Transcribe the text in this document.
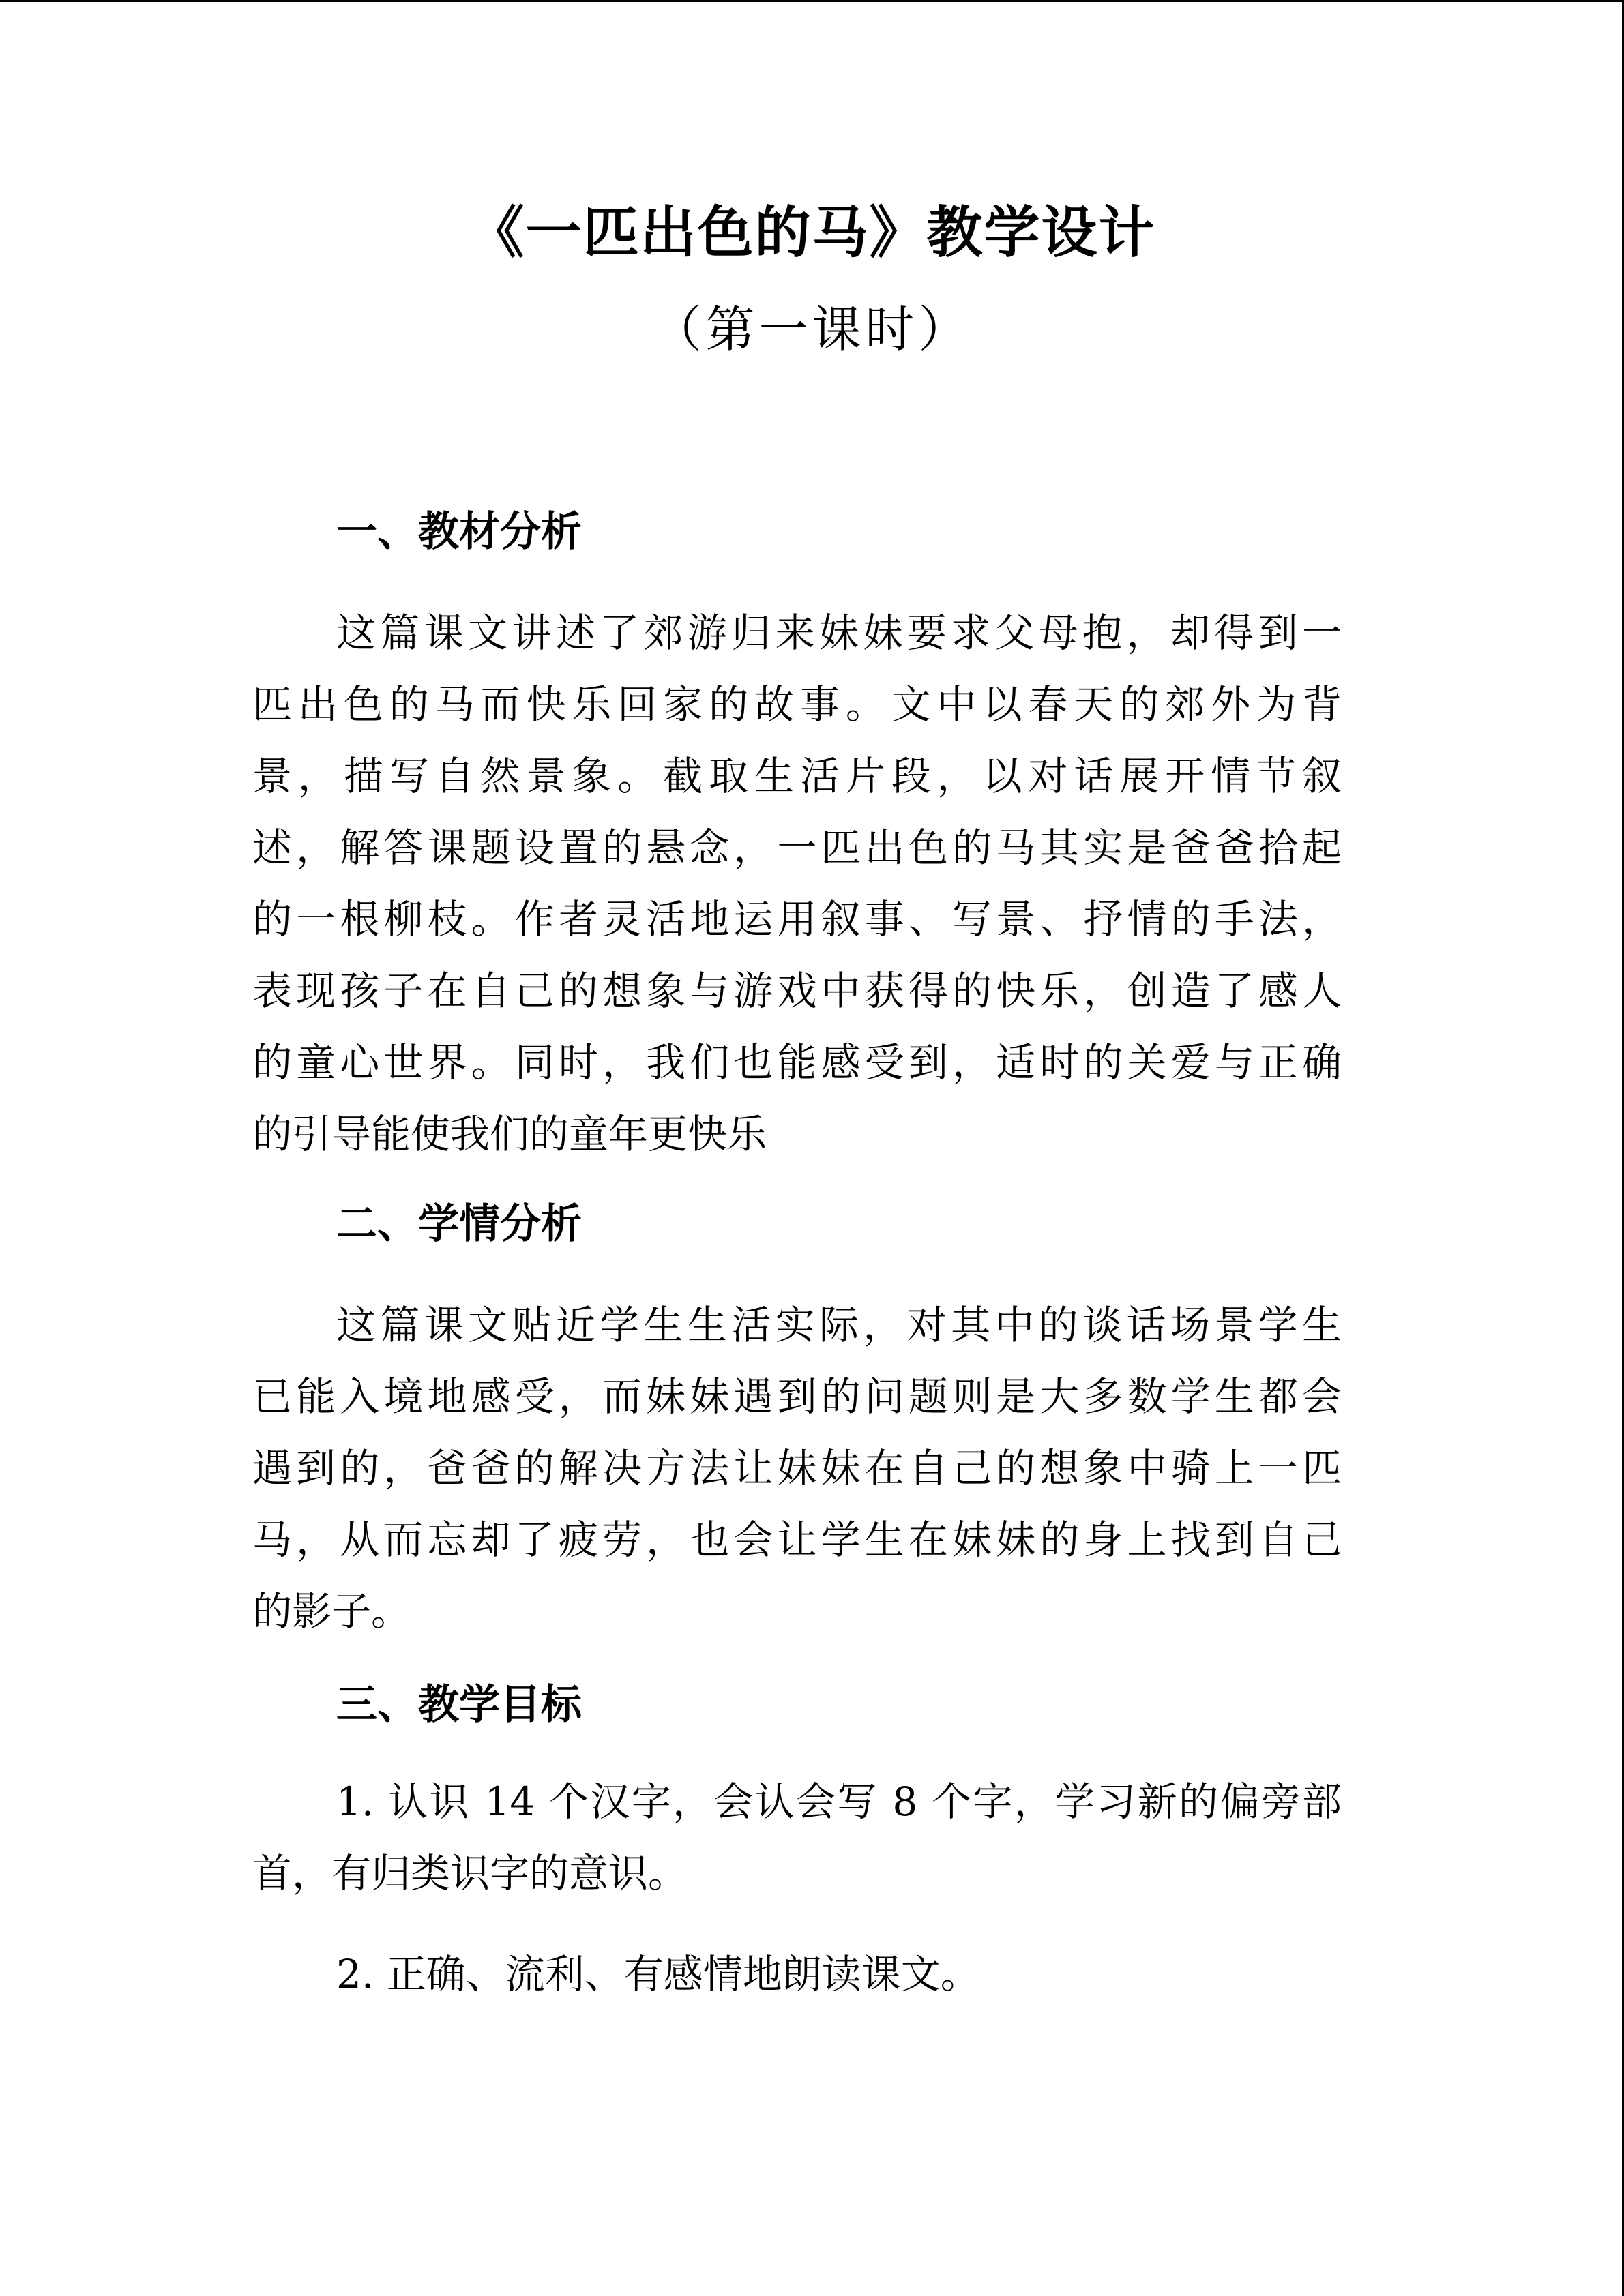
《一匹出色的马》教学设计
（第一课时）
一、教材分析
这篇课文讲述了郊游归来妹妹要求父母抱，却得到一
匹出色的马而快乐回家的故事。文中以春天的郊外为背
景，描写自然景象。截取生活片段，以对话展开情节叙
述，解答课题设置的悬念，一匹出色的马其实是爸爸拾起
的一根柳枝。作者灵活地运用叙事、写景、抒情的手法，
表现孩子在自己的想象与游戏中获得的快乐，创造了感人
的童心世界。同时，我们也能感受到，适时的关爱与正确
的引导能使我们的童年更快乐
二、学情分析
这篇课文贴近学生生活实际，对其中的谈话场景学生
已能入境地感受，而妹妹遇到的问题则是大多数学生都会
遇到的，爸爸的解决方法让妹妹在自己的想象中骑上一匹
马，从而忘却了疲劳，也会让学生在妹妹的身上找到自己
的影子。
三、教学目标
1. 认识 14 个汉字，会认会写 8 个字，学习新的偏旁部
首，有归类识字的意识。
2. 正确、流利、有感情地朗读课文。
